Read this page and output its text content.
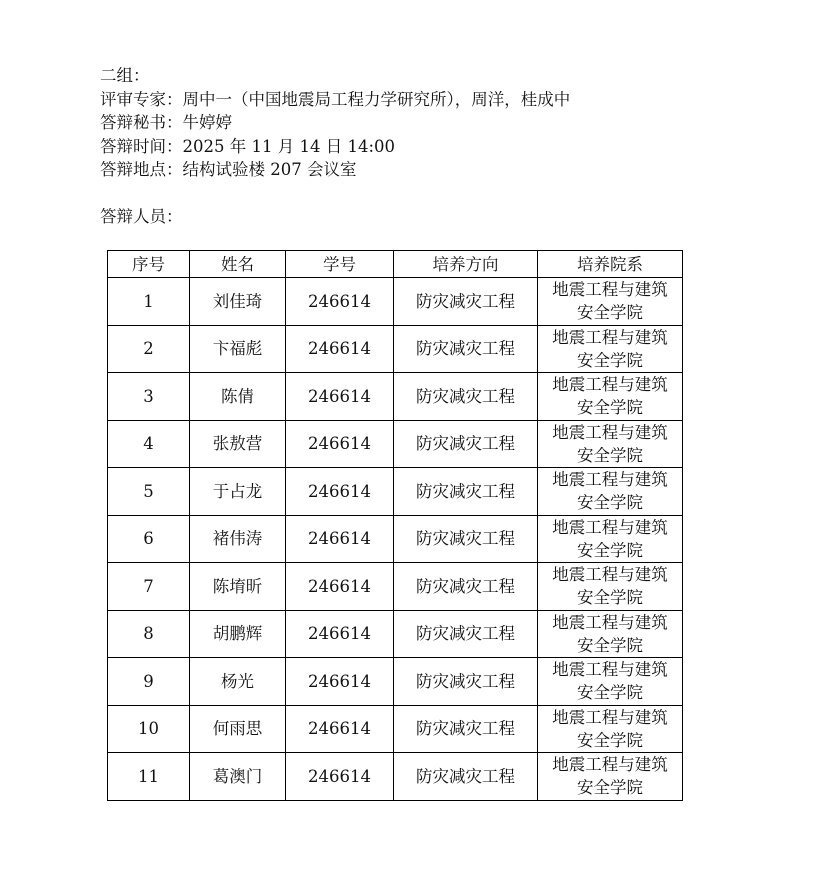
二组：
评审专家：周中一（中国地震局工程力学研究所），周洋，桂成中
答辩秘书：牛婷婷
答辩时间：2025 年 11 月 14 日 14:00
答辩地点：结构试验楼 207 会议室
答辩人员：
序号	姓名	学号	培养方向	培养院系
1	刘佳琦	246614	防灾减灾工程	地震工程与建筑
安全学院

2	卞福彪	246614	防灾减灾工程	地震工程与建筑
安全学院

3	陈倩	246614	防灾减灾工程	地震工程与建筑
安全学院

4	张敖营	246614	防灾减灾工程	地震工程与建筑
安全学院

5	于占龙	246614	防灾减灾工程	地震工程与建筑
安全学院

6	褚伟涛	246614	防灾减灾工程	地震工程与建筑
安全学院

7	陈堉昕	246614	防灾减灾工程	地震工程与建筑
安全学院

8	胡鹏辉	246614	防灾减灾工程	地震工程与建筑
安全学院

9	杨光	246614	防灾减灾工程	地震工程与建筑
安全学院

10	何雨思	246614	防灾减灾工程	地震工程与建筑
安全学院

11	葛澳门	246614	防灾减灾工程	地震工程与建筑
安全学院
